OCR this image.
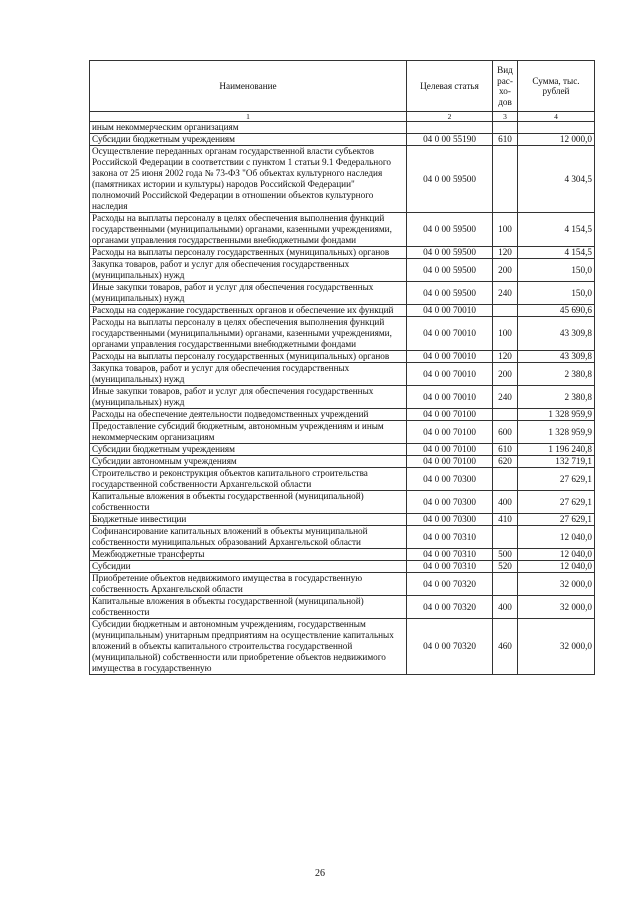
Наименование	Целевая статья	Вид рас-хо-дов	Сумма, тыс. рублей
1	2	3	4
иным некоммерческим организациям			
Субсидии бюджетным учреждениям	04 0 00 55190	610	12 000,0
Осуществление переданных органам государственной власти субъектов Российской Федерации в соответствии с пунктом 1 статьи 9.1 Федерального закона от 25 июня 2002 года № 73-ФЗ "Об объектах культурного наследия (памятниках истории и культуры) народов Российской Федерации" полномочий Российской Федерации в отношении объектов культурного наследия	04 0 00 59500		4 304,5
Расходы на выплаты персоналу в целях обеспечения выполнения функций государственными (муниципальными) органами, казенными учреждениями, органами управления государственными внебюджетными фондами	04 0 00 59500	100	4 154,5
Расходы на выплаты персоналу государственных (муниципальных) органов	04 0 00 59500	120	4 154,5
Закупка товаров, работ и услуг для обеспечения государственных (муниципальных) нужд	04 0 00 59500	200	150,0
Иные закупки товаров, работ и услуг для обеспечения государственных (муниципальных) нужд	04 0 00 59500	240	150,0
Расходы на содержание государственных органов и обеспечение их функций	04 0 00 70010		45 690,6
Расходы на выплаты персоналу в целях обеспечения выполнения функций государственными (муниципальными) органами, казенными учреждениями, органами управления государственными внебюджетными фондами	04 0 00 70010	100	43 309,8
Расходы на выплаты персоналу государственных (муниципальных) органов	04 0 00 70010	120	43 309,8
Закупка товаров, работ и услуг для обеспечения государственных (муниципальных) нужд	04 0 00 70010	200	2 380,8
Иные закупки товаров, работ и услуг для обеспечения государственных (муниципальных) нужд	04 0 00 70010	240	2 380,8
Расходы на обеспечение деятельности подведомственных учреждений	04 0 00 70100		1 328 959,9
Предоставление субсидий бюджетным, автономным учреждениям и иным некоммерческим организациям	04 0 00 70100	600	1 328 959,9
Субсидии бюджетным учреждениям	04 0 00 70100	610	1 196 240,8
Субсидии автономным учреждениям	04 0 00 70100	620	132 719,1
Строительство и реконструкция объектов капитального строительства государственной собственности Архангельской области	04 0 00 70300		27 629,1
Капитальные вложения в объекты государственной (муниципальной) собственности	04 0 00 70300	400	27 629,1
Бюджетные инвестиции	04 0 00 70300	410	27 629,1
Софинансирование капитальных вложений в объекты муниципальной собственности муниципальных образований Архангельской области	04 0 00 70310		12 040,0
Межбюджетные трансферты	04 0 00 70310	500	12 040,0
Субсидии	04 0 00 70310	520	12 040,0
Приобретение объектов недвижимого имущества в государственную собственность Архангельской области	04 0 00 70320		32 000,0
Капитальные вложения в объекты государственной (муниципальной) собственности	04 0 00 70320	400	32 000,0
Субсидии бюджетным и автономным учреждениям, государственным (муниципальным) унитарным предприятиям на осуществление капитальных вложений в объекты капитального строительства государственной (муниципальной) собственности или приобретение объектов недвижимого имущества в государственную	04 0 00 70320	460	32 000,0
26
